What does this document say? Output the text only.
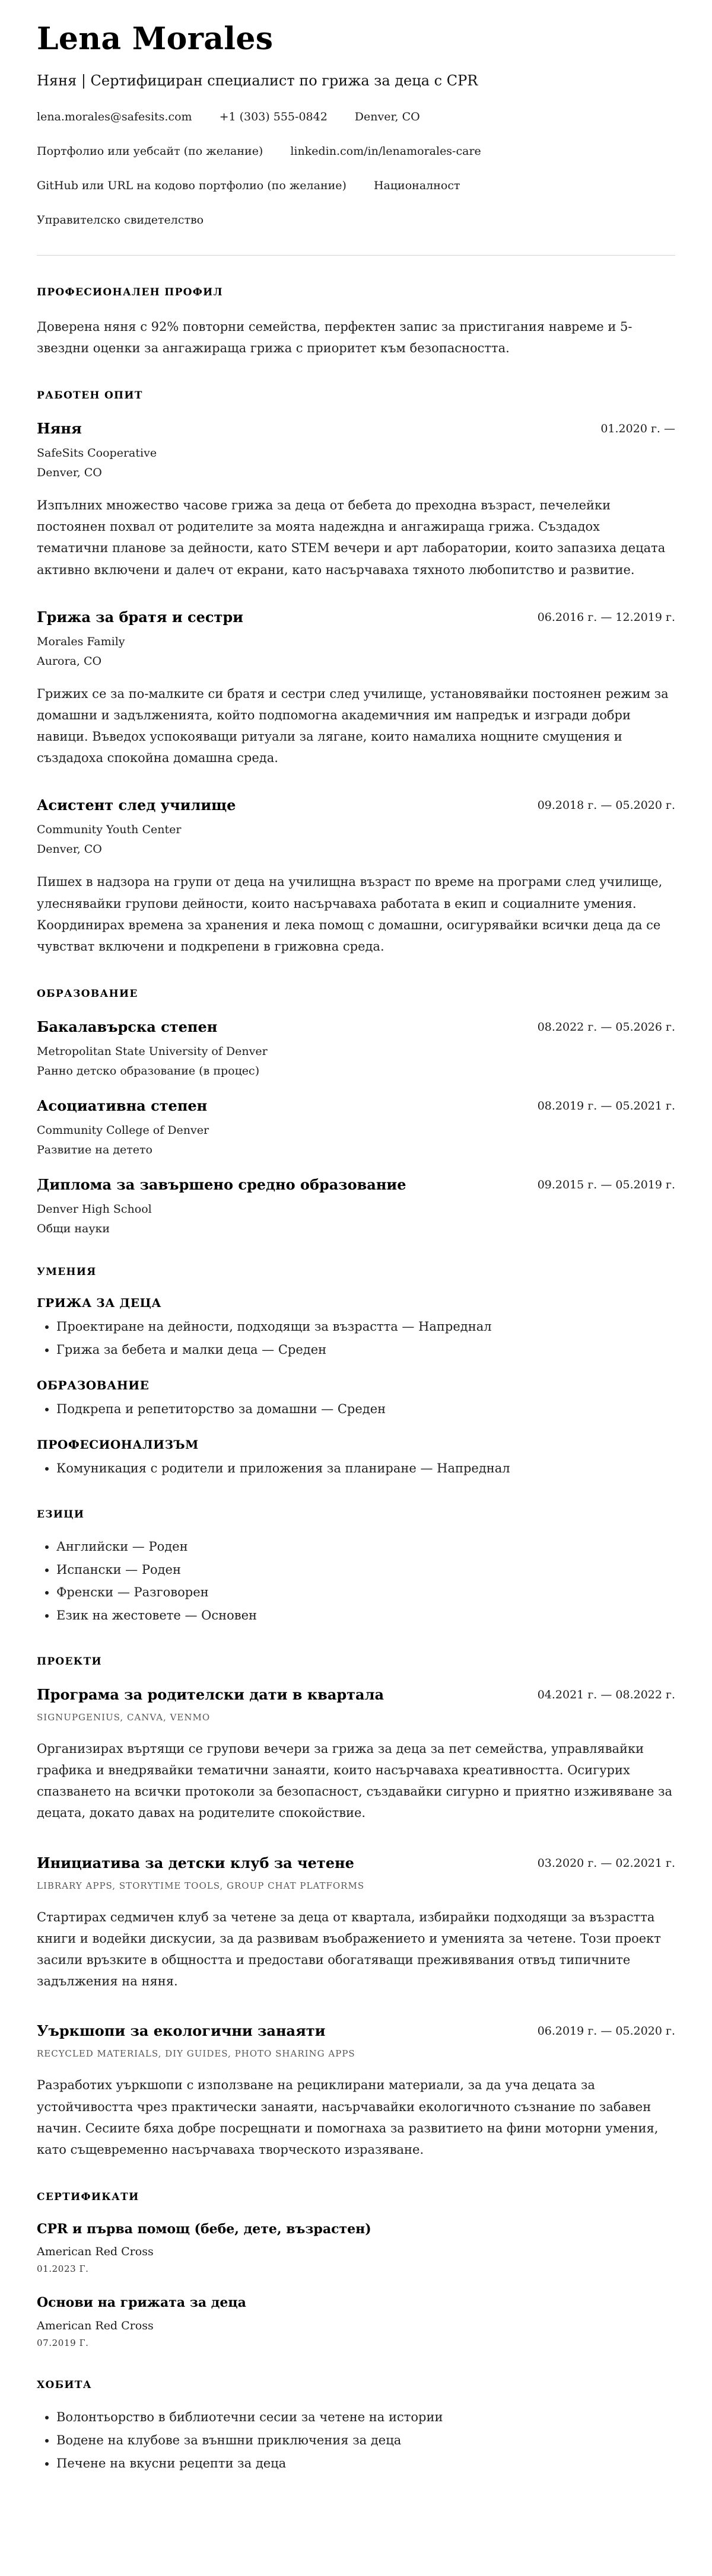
Lena Morales
Няня | Сертифициран специалист по грижа за деца с CPR
lena.morales@safesits.com +1 (303) 555-0842 Denver, CO
Портфолио или уебсайт (по желание) linkedin.com/in/lenamorales-care
GitHub или URL на кодово портфолио (по желание) Националност
Управителско свидетелство
ПРОФЕСИОНАЛЕН ПРОФИЛ

Доверена няня с 92% повторни семейства, перфектен запис за пристигания навреме и 5-звездни оценки за ангажираща грижа с приоритет към безопасността.

РАБОТЕН ОПИТ
Няня	01.2020 г. —
SafeSits Cooperative
Denver, CO

Изпълних множество часове грижа за деца от бебета до преходна възраст, печелейки постоянен похвал от родителите за моята надеждна и ангажираща грижа. Създадох тематични планове за дейности, като STEM вечери и арт лаборатории, които запазиха децата активно включени и далеч от екрани, като насърчаваха тяхното любопитство и развитие.

Грижа за братя и сестри	06.2016 г. — 12.2019 г.
Morales Family
Aurora, CO

Грижих се за по-малките си братя и сестри след училище, установявайки постоянен режим за домашни и задълженията, който подпомогна академичния им напредък и изгради добри навици. Въведох успокояващи ритуали за лягане, които намалиха нощните смущения и създадоха спокойна домашна среда.

Асистент след училище	09.2018 г. — 05.2020 г.
Community Youth Center
Denver, CO

Пишех в надзора на групи от деца на училищна възраст по време на програми след училище, улеснявайки групови дейности, които насърчаваха работата в екип и социалните умения. Координирах времена за хранения и лека помощ с домашни, осигурявайки всички деца да се чувстват включени и подкрепени в грижовна среда.

ОБРАЗОВАНИЕ
Бакалавърска степен	08.2022 г. — 05.2026 г.
Metropolitan State University of Denver
Ранно детско образование (в процес)
Асоциативна степен	08.2019 г. — 05.2021 г.
Community College of Denver
Развитие на детето
Диплома за завършено средно образование	09.2015 г. — 05.2019 г.
Denver High School
Общи науки
УМЕНИЯ
ГРИЖА ЗА ДЕЦА
• Проектиране на дейности, подходящи за възрастта — Напреднал
• Грижа за бебета и малки деца — Среден
ОБРАЗОВАНИЕ
• Подкрепа и репетиторство за домашни — Среден
ПРОФЕСИОНАЛИЗЪМ
• Комуникация с родители и приложения за планиране — Напреднал
ЕЗИЦИ
• Английски — Роден
• Испански — Роден
• Френски — Разговорен
• Език на жестовете — Основен
ПРОЕКТИ
Програма за родителски дати в квартала	04.2021 г. — 08.2022 г.
SIGNUPGENIUS, CANVA, VENMO

Организирах въртящи се групови вечери за грижа за деца за пет семейства, управлявайки графика и внедрявайки тематични занаяти, които насърчаваха креативността. Осигурих спазването на всички протоколи за безопасност, създавайки сигурно и приятно изживяване за децата, докато давах на родителите спокойствие.

Инициатива за детски клуб за четене	03.2020 г. — 02.2021 г.
LIBRARY APPS, STORYTIME TOOLS, GROUP CHAT PLATFORMS

Стартирах седмичен клуб за четене за деца от квартала, избирайки подходящи за възрастта книги и водейки дискусии, за да развивам въображението и уменията за четене. Този проект засили връзките в общността и предостави обогатяващи преживявания отвъд типичните задължения на няня.

Уъркшопи за екологични занаяти	06.2019 г. — 05.2020 г.
RECYCLED MATERIALS, DIY GUIDES, PHOTO SHARING APPS

Разработих уъркшопи с използване на рециклирани материали, за да уча децата за устойчивостта чрез практически занаяти, насърчавайки екологичното съзнание по забавен начин. Сесиите бяха добре посрещнати и помогнаха за развитието на фини моторни умения, като същевременно насърчаваха творческото изразяване.

СЕРТИФИКАТИ
CPR и първа помощ (бебе, дете, възрастен)
American Red Cross
01.2023 Г.
Основи на грижата за деца
American Red Cross
07.2019 Г.
ХОБИТА
• Волонтьорство в библиотечни сесии за четене на истории
• Водене на клубове за външни приключения за деца
• Печене на вкусни рецепти за деца
